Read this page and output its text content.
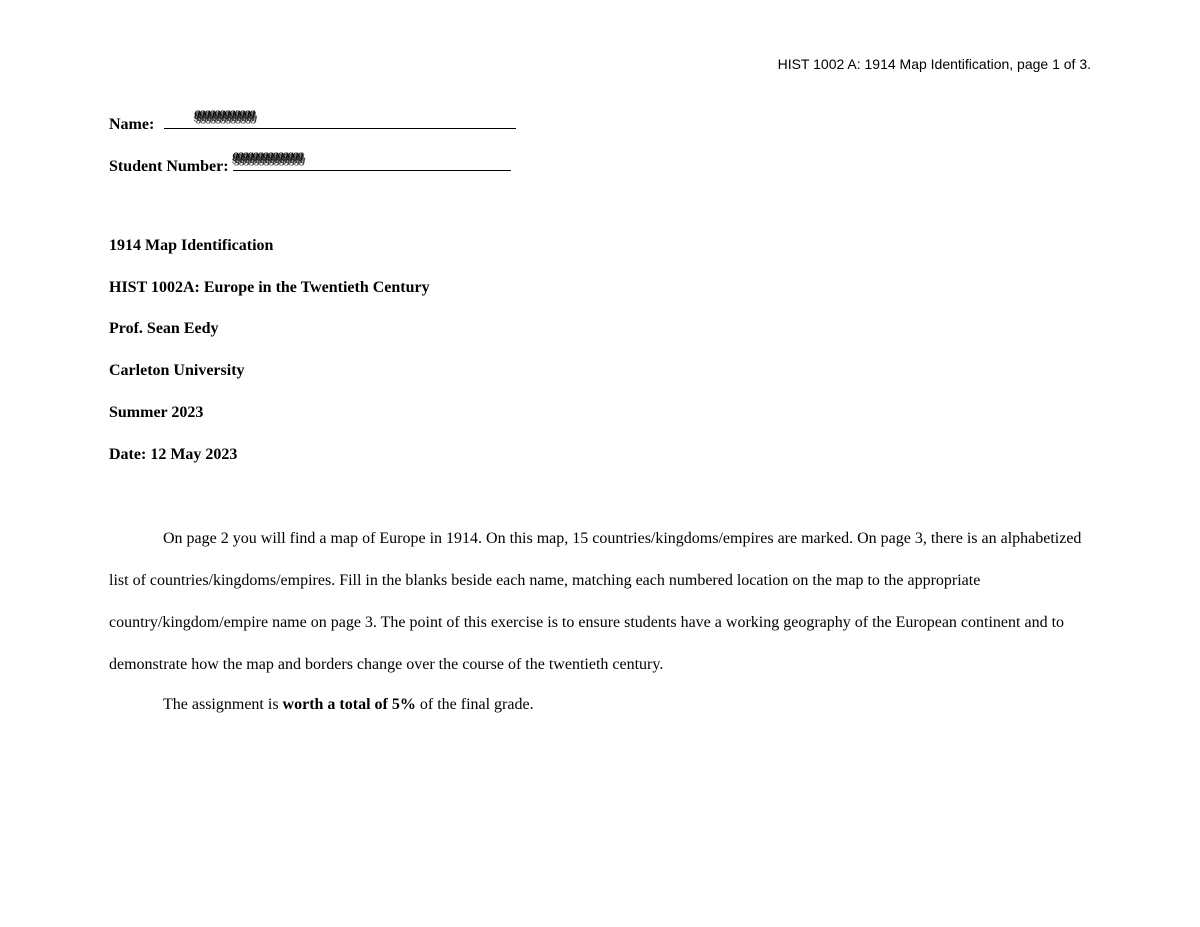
HIST 1002 A: 1914 Map Identification, page 1 of 3.
Name:
gggggggggggg
Student Number:
gggggggggggggg
1914 Map Identification
HIST 1002A: Europe in the Twentieth Century
Prof. Sean Eedy
Carleton University
Summer 2023
Date: 12 May 2023

On page 2 you will find a map of Europe in 1914. On this map, 15 countries/kingdoms/empires are marked. On page 3, there is an alphabetized list of countries/kingdoms/empires. Fill in the blanks beside each name, matching each numbered location on the map to the appropriate country/kingdom/empire name on page 3. The point of this exercise is to ensure students have a working geography of the European continent and to demonstrate how the map and borders change over the course of the twentieth century.

The assignment is worth a total of 5% of the final grade.
